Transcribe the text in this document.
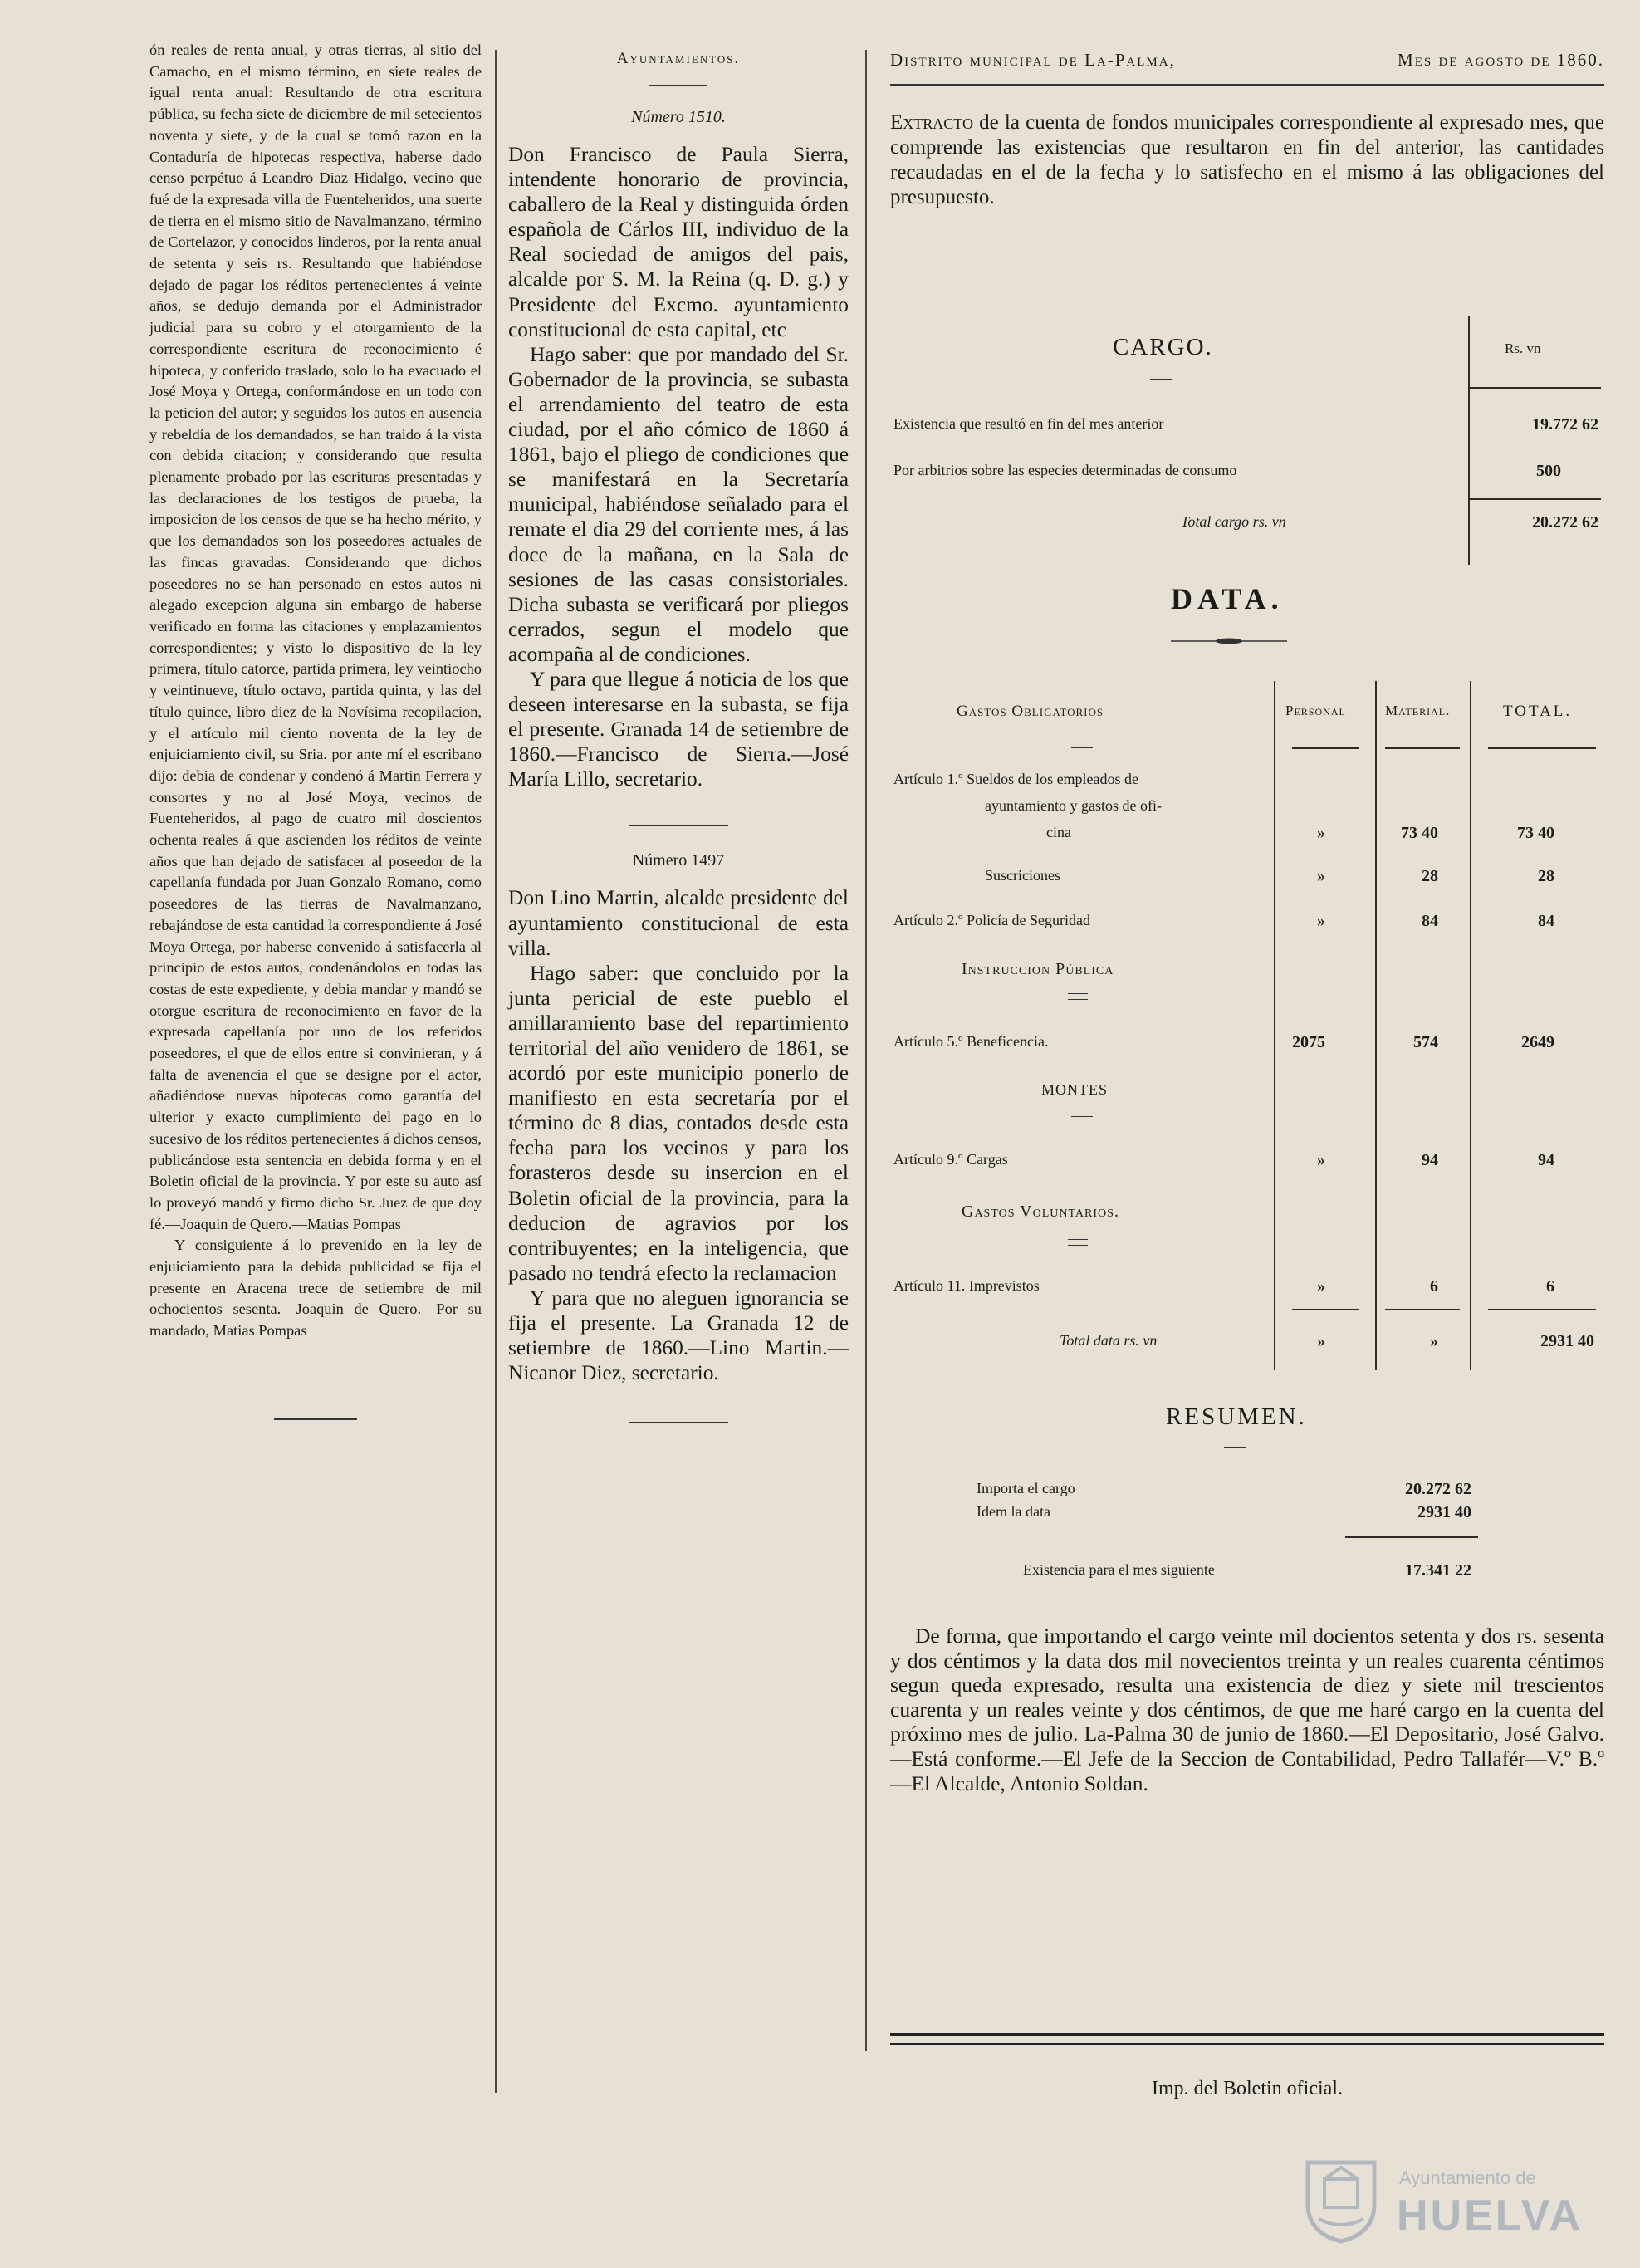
ón reales de renta anual, y otras tierras, al sitio del Camacho, en el mismo término, en siete reales de igual renta anual: Resultando de otra escritura pública, su fecha siete de diciembre de mil setecientos noventa y siete, y de la cual se tomó razon en la Contaduría de hipotecas respectiva, haberse dado censo perpétuo á Leandro Diaz Hidalgo, vecino que fué de la expresada villa de Fuenteheridos, una suerte de tierra en el mismo sitio de Navalmanzano, término de Cortelazor, y conocidos linderos, por la renta anual de setenta y seis rs. Resultando que habiéndose dejado de pagar los réditos pertenecientes á veinte años, se dedujo demanda por el Administrador judicial para su cobro y el otorgamiento de la correspondiente escritura de reconocimiento é hipoteca, y conferido traslado, solo lo ha evacuado el José Moya y Ortega, conformándose en un todo con la peticion del autor; y seguidos los autos en ausencia y rebeldía de los demandados, se han traido á la vista con debida citacion; y considerando que resulta plenamente probado por las escrituras presentadas y las declaraciones de los testigos de prueba, la imposicion de los censos de que se ha hecho mérito, y que los demandados son los poseedores actuales de las fincas gravadas. Considerando que dichos poseedores no se han personado en estos autos ni alegado excepcion alguna sin embargo de haberse verificado en forma las citaciones y emplazamientos correspondientes; y visto lo dispositivo de la ley primera, título catorce, partida primera, ley veintiocho y veintinueve, título octavo, partida quinta, y las del título quince, libro diez de la Novísima recopilacion, y el artículo mil ciento noventa de la ley de enjuiciamiento civil, su Sria. por ante mí el escribano dijo: debia de condenar y condenó á Martin Ferrera y consortes y no al José Moya, vecinos de Fuenteheridos, al pago de cuatro mil doscientos ochenta reales á que ascienden los réditos de veinte años que han dejado de satisfacer al poseedor de la capellanía fundada por Juan Gonzalo Romano, como poseedores de las tierras de Navalmanzano, rebajándose de esta cantidad la correspondiente á José Moya Ortega, por haberse convenido á satisfacerla al principio de estos autos, condenándolos en todas las costas de este expediente, y debia mandar y mandó se otorgue escritura de reconocimiento en favor de la expresada capellanía por uno de los referidos poseedores, el que de ellos entre si convinieran, y á falta de avenencia el que se designe por el actor, añadiéndose nuevas hipotecas como garantía del ulterior y exacto cumplimiento del pago en lo sucesivo de los réditos pertenecientes á dichos censos, publicándose esta sentencia en debida forma y en el Boletin oficial de la provincia. Y por este su auto así lo proveyó mandó y firmo dicho Sr. Juez de que doy fé.—Joaquin de Quero.—Matias Pompas

Y consiguiente á lo prevenido en la ley de enjuiciamiento para la debida publicidad se fija el presente en Aracena trece de setiembre de mil ochocientos sesenta.—Joaquin de Quero.—Por su mandado, Matias Pompas

Ayuntamientos.
Número 1510.

Don Francisco de Paula Sierra, intendente honorario de provincia, caballero de la Real y distinguida órden española de Cárlos III, individuo de la Real sociedad de amigos del pais, alcalde por S. M. la Reina (q. D. g.) y Presidente del Excmo. ayuntamiento constitucional de esta capital, etc

Hago saber: que por mandado del Sr. Gobernador de la provincia, se subasta el arrendamiento del teatro de esta ciudad, por el año cómico de 1860 á 1861, bajo el pliego de condiciones que se manifestará en la Secretaría municipal, habiéndose señalado para el remate el dia 29 del corriente mes, á las doce de la mañana, en la Sala de sesiones de las casas consistoriales. Dicha subasta se verificará por pliegos cerrados, segun el modelo que acompaña al de condiciones.

Y para que llegue á noticia de los que deseen interesarse en la subasta, se fija el presente. Granada 14 de setiembre de 1860.—Francisco de Sierra.—José María Lillo, secretario.

Número 1497

Don Lino Martin, alcalde presidente del ayuntamiento constitucional de esta villa.

Hago saber: que concluido por la junta pericial de este pueblo el amillaramiento base del repartimiento territorial del año venidero de 1861, se acordó por este municipio ponerlo de manifiesto en esta secretaría por el término de 8 dias, contados desde esta fecha para los vecinos y para los forasteros desde su insercion en el Boletin oficial de la provincia, para la deducion de agravios por los contribuyentes; en la inteligencia, que pasado no tendrá efecto la reclamacion

Y para que no aleguen ignorancia se fija el presente. La Granada 12 de setiembre de 1860.—Lino Martin.—Nicanor Diez, secretario.

Distrito municipal de La-Palma,	Mes de agosto de 1860.

Extracto de la cuenta de fondos municipales correspondiente al expresado mes, que comprende las existencias que resultaron en fin del anterior, las cantidades recaudadas en el de la fecha y lo satisfecho en el mismo á las obligaciones del presupuesto.

CARGO.	Rs. vn
Existencia que resultó en fin del mes anterior	19.772 62
Por arbitrios sobre las especies determinadas de consumo	500
Total cargo rs. vn	20.272 62
DATA.
Gastos Obligatorios	Personal	Material.	TOTAL.
Artículo 1.º Sueldos de los empleados de
ayuntamiento y gastos de ofi-
cina	»	73 40	73 40
Suscriciones	»	28	28
Artículo 2.º Policía de Seguridad	»	84	84
Instruccion Pública
Artículo 5.º Beneficencia.	2075	574	2649
MONTES
Artículo 9.º Cargas	»	94	94
Gastos Voluntarios.
Artículo 11. Imprevistos	»	6	6
Total data rs. vn	»	»	2931 40
RESUMEN.
Importa el cargo	20.272 62
Idem la data	2931 40
Existencia para el mes siguiente	17.341 22

De forma, que importando el cargo veinte mil docientos setenta y dos rs. sesenta y dos céntimos y la data dos mil novecientos treinta y un reales cuarenta céntimos segun queda expresado, resulta una existencia de diez y siete mil trescientos cuarenta y un reales veinte y dos céntimos, de que me haré cargo en la cuenta del próximo mes de julio. La-Palma 30 de junio de 1860.—El Depositario, José Galvo.—Está conforme.—El Jefe de la Seccion de Contabilidad, Pedro Tallafér—V.º B.º—El Alcalde, Antonio Soldan.

Imp. del Boletin oficial.
Ayuntamiento de
HUELVA
